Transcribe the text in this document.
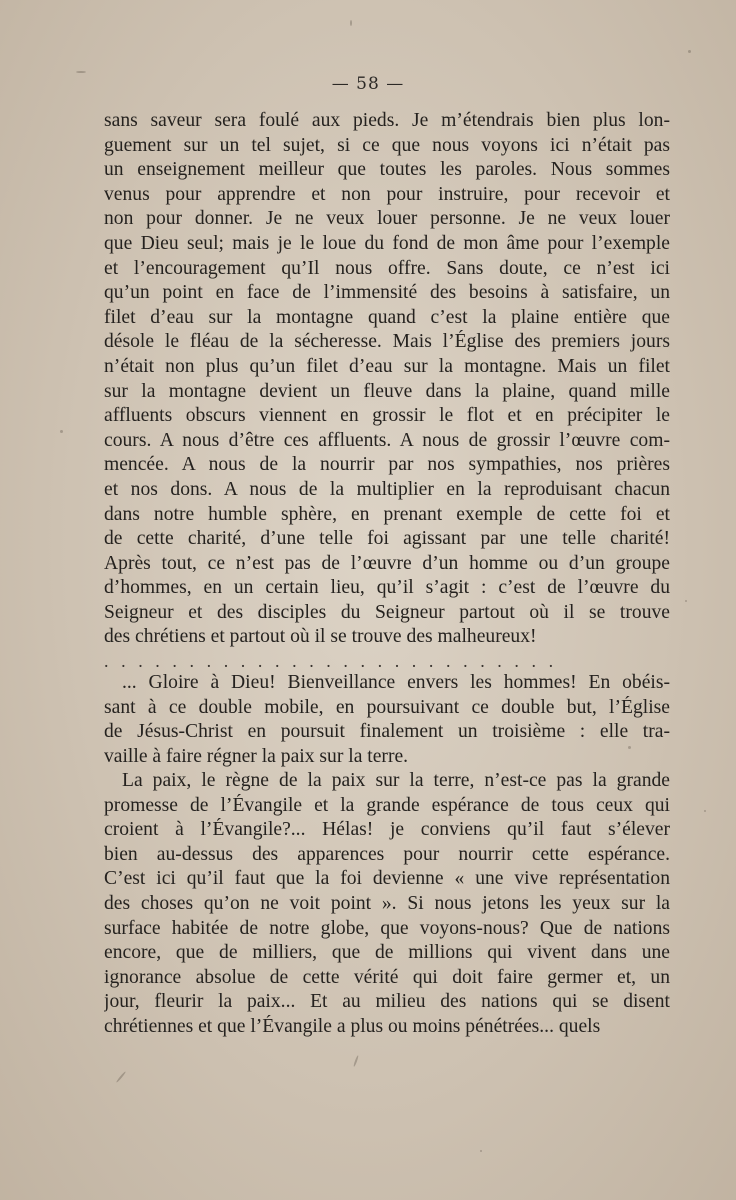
— 58 —
sans saveur sera foulé aux pieds. Je m’étendrais bien plus lon-
guement sur un tel sujet, si ce que nous voyons ici n’était pas
un enseignement meilleur que toutes les paroles. Nous sommes
venus pour apprendre et non pour instruire, pour recevoir et
non pour donner. Je ne veux louer personne. Je ne veux louer
que Dieu seul; mais je le loue du fond de mon âme pour l’exemple
et l’encouragement qu’Il nous offre. Sans doute, ce n’est ici
qu’un point en face de l’immensité des besoins à satisfaire, un
filet d’eau sur la montagne quand c’est la plaine entière que
désole le fléau de la sécheresse. Mais l’Église des premiers jours
n’était non plus qu’un filet d’eau sur la montagne. Mais un filet
sur la montagne devient un fleuve dans la plaine, quand mille
affluents obscurs viennent en grossir le flot et en précipiter le
cours. A nous d’être ces affluents. A nous de grossir l’œuvre com-
mencée. A nous de la nourrir par nos sympathies, nos prières
et nos dons. A nous de la multiplier en la reproduisant chacun
dans notre humble sphère, en prenant exemple de cette foi et
de cette charité, d’une telle foi agissant par une telle charité!
Après tout, ce n’est pas de l’œuvre d’un homme ou d’un groupe
d’hommes, en un certain lieu, qu’il s’agit : c’est de l’œuvre du
Seigneur et des disciples du Seigneur partout où il se trouve
des chrétiens et partout où il se trouve des malheureux!
...........................
... Gloire à Dieu! Bienveillance envers les hommes! En obéis-
sant à ce double mobile, en poursuivant ce double but, l’Église
de Jésus-Christ en poursuit finalement un troisième : elle tra-
vaille à faire régner la paix sur la terre.
La paix, le règne de la paix sur la terre, n’est-ce pas la grande
promesse de l’Évangile et la grande espérance de tous ceux qui
croient à l’Évangile?... Hélas! je conviens qu’il faut s’élever
bien au-dessus des apparences pour nourrir cette espérance.
C’est ici qu’il faut que la foi devienne « une vive représentation
des choses qu’on ne voit point ». Si nous jetons les yeux sur la
surface habitée de notre globe, que voyons-nous? Que de nations
encore, que de milliers, que de millions qui vivent dans une
ignorance absolue de cette vérité qui doit faire germer et, un
jour, fleurir la paix... Et au milieu des nations qui se disent
chrétiennes et que l’Évangile a plus ou moins pénétrées... quels
